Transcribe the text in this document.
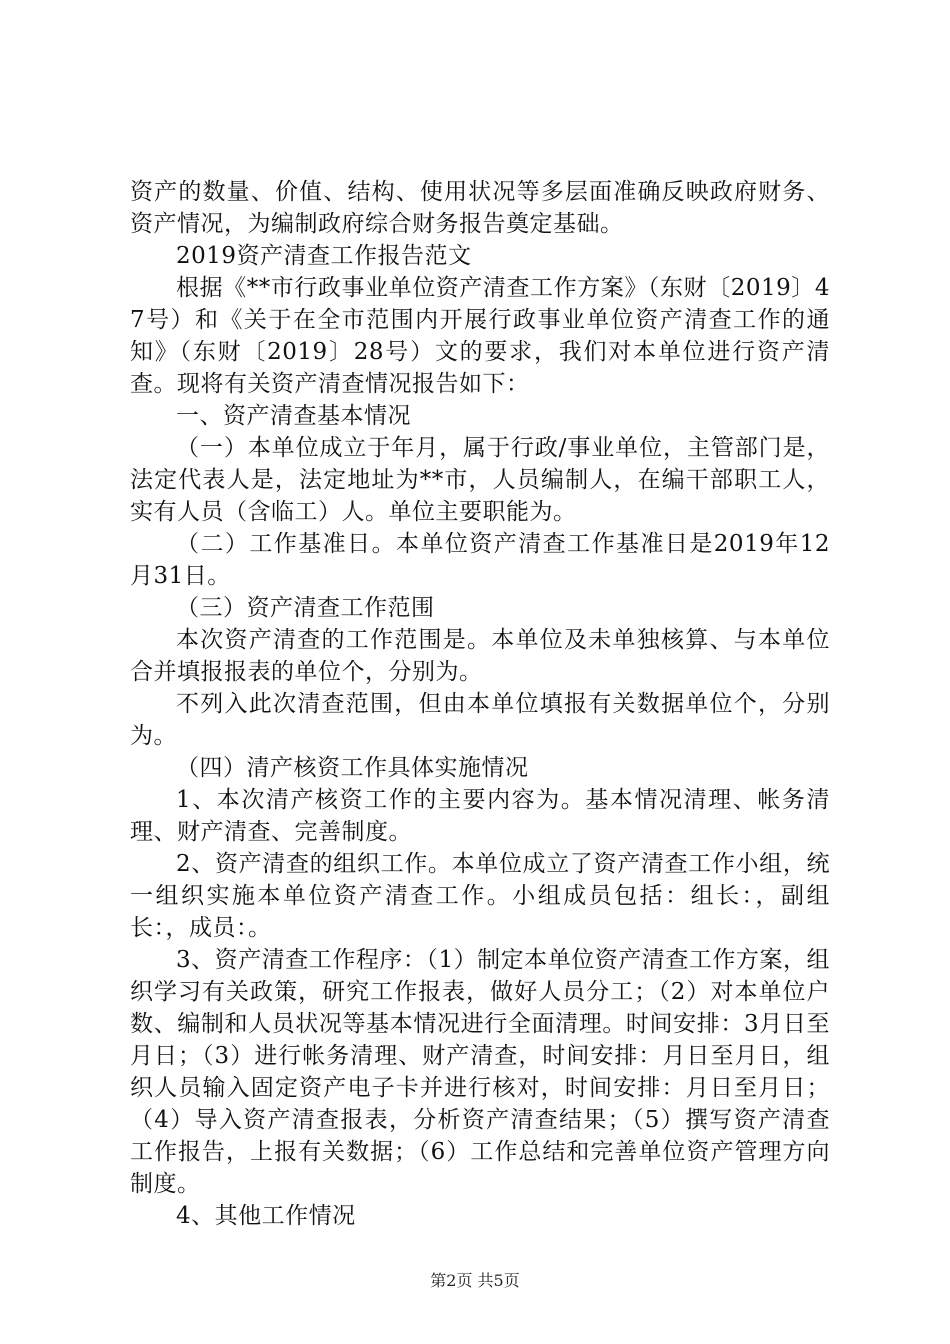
资产的数量、价值、结构、使用状况等多层面准确反映政府财务、资产情况，为编制政府综合财务报告奠定基础。

2019资产清查工作报告范文

根据《**市行政事业单位资产清查工作方案》（东财〔2019〕47号）和《关于在全市范围内开展行政事业单位资产清查工作的通知》（东财〔2019〕28号）文的要求，我们对本单位进行资产清查。现将有关资产清查情况报告如下：

一、资产清查基本情况

（一）本单位成立于年月，属于行政/事业单位，主管部门是，法定代表人是，法定地址为**市，人员编制人，在编干部职工人，实有人员（含临工）人。单位主要职能为。

（二）工作基准日。本单位资产清查工作基准日是2019年12月31日。

（三）资产清查工作范围

本次资产清查的工作范围是。本单位及未单独核算、与本单位合并填报报表的单位个，分别为。

不列入此次清查范围，但由本单位填报有关数据单位个，分别为。

（四）清产核资工作具体实施情况

1、本次清产核资工作的主要内容为。基本情况清理、帐务清理、财产清查、完善制度。

2、资产清查的组织工作。本单位成立了资产清查工作小组，统一组织实施本单位资产清查工作。小组成员包括：组长：，副组长：，成员：。

3、资产清查工作程序：（1）制定本单位资产清查工作方案，组织学习有关政策，研究工作报表，做好人员分工；（2）对本单位户数、编制和人员状况等基本情况进行全面清理。时间安排：3月日至月日；（3）进行帐务清理、财产清查，时间安排：月日至月日，组织人员输入固定资产电子卡并进行核对，时间安排：月日至月日；（4）导入资产清查报表，分析资产清查结果；（5）撰写资产清查工作报告，上报有关数据；（6）工作总结和完善单位资产管理方向制度。

4、其他工作情况

第2页 共5页
